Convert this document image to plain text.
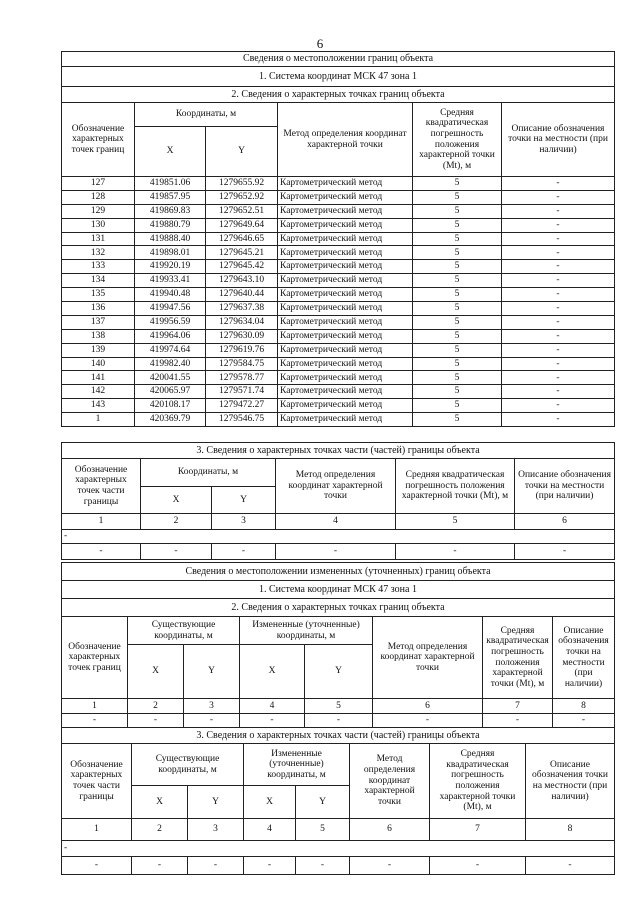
6
Сведения о местоположении границ объекта					
1. Система координат МСК 47 зона 1					
2. Сведения о характерных точках границ объекта					
Обозначение характерных точек границ	Координаты, м		Метод определения координат характерной точки	Средняя квадратическая погрешность положения характерной точки (Mt), м	Описание обозначения точки на местности (при наличии)
	X	Y			
127	419851.06	1279655.92	Картометрический метод	5	-
128	419857.95	1279652.92	Картометрический метод	5	-
129	419869.83	1279652.51	Картометрический метод	5	-
130	419880.79	1279649.64	Картометрический метод	5	-
131	419888.40	1279646.65	Картометрический метод	5	-
132	419898.01	1279645.21	Картометрический метод	5	-
133	419920.19	1279645.42	Картометрический метод	5	-
134	419933.41	1279643.10	Картометрический метод	5	-
135	419940.48	1279640.44	Картометрический метод	5	-
136	419947.56	1279637.38	Картометрический метод	5	-
137	419956.59	1279634.04	Картометрический метод	5	-
138	419964.06	1279630.09	Картометрический метод	5	-
139	419974.64	1279619.76	Картометрический метод	5	-
140	419982.40	1279584.75	Картометрический метод	5	-
141	420041.55	1279578.77	Картометрический метод	5	-
142	420065.97	1279571.74	Картометрический метод	5	-
143	420108.17	1279472.27	Картометрический метод	5	-
1	420369.79	1279546.75	Картометрический метод	5	-
3. Сведения о характерных точках части (частей) границы объекта					
Обозначение характерных точек части границы	Координаты, м		Метод определения координат характерной точки	Средняя квадратическая погрешность положения характерной точки (Mt), м	Описание обозначения точки на местности (при наличии)
	X	Y			
1	2	3	4	5	6
-					
-	-	-	-	-	-
Сведения о местоположении измененных (уточненных) границ объекта							
1. Система координат МСК 47 зона 1							
2. Сведения о характерных точках границ объекта							
Обозначение характерных точек границ	Существующие координаты, м		Измененные (уточненные) координаты, м		Метод определения координат характерной точки	Средняя квадратическая погрешность положения характерной точки (Mt), м	Описание обозначения точки на местности (при наличии)
	X	Y	X	Y			
1	2	3	4	5	6	7	8
-	-	-	-	-	-	-	-
3. Сведения о характерных точках части (частей) границы объекта							
Обозначение характерных точек части границы	Существующие координаты, м		Измененные (уточненные) координаты, м		Метод определения координат характерной точки	Средняя квадратическая погрешность положения характерной точки (Mt), м	Описание обозначения точки на местности (при наличии)
	X	Y	X	Y			
1	2	3	4	5	6	7	8
-							
-	-	-	-	-	-	-	-
